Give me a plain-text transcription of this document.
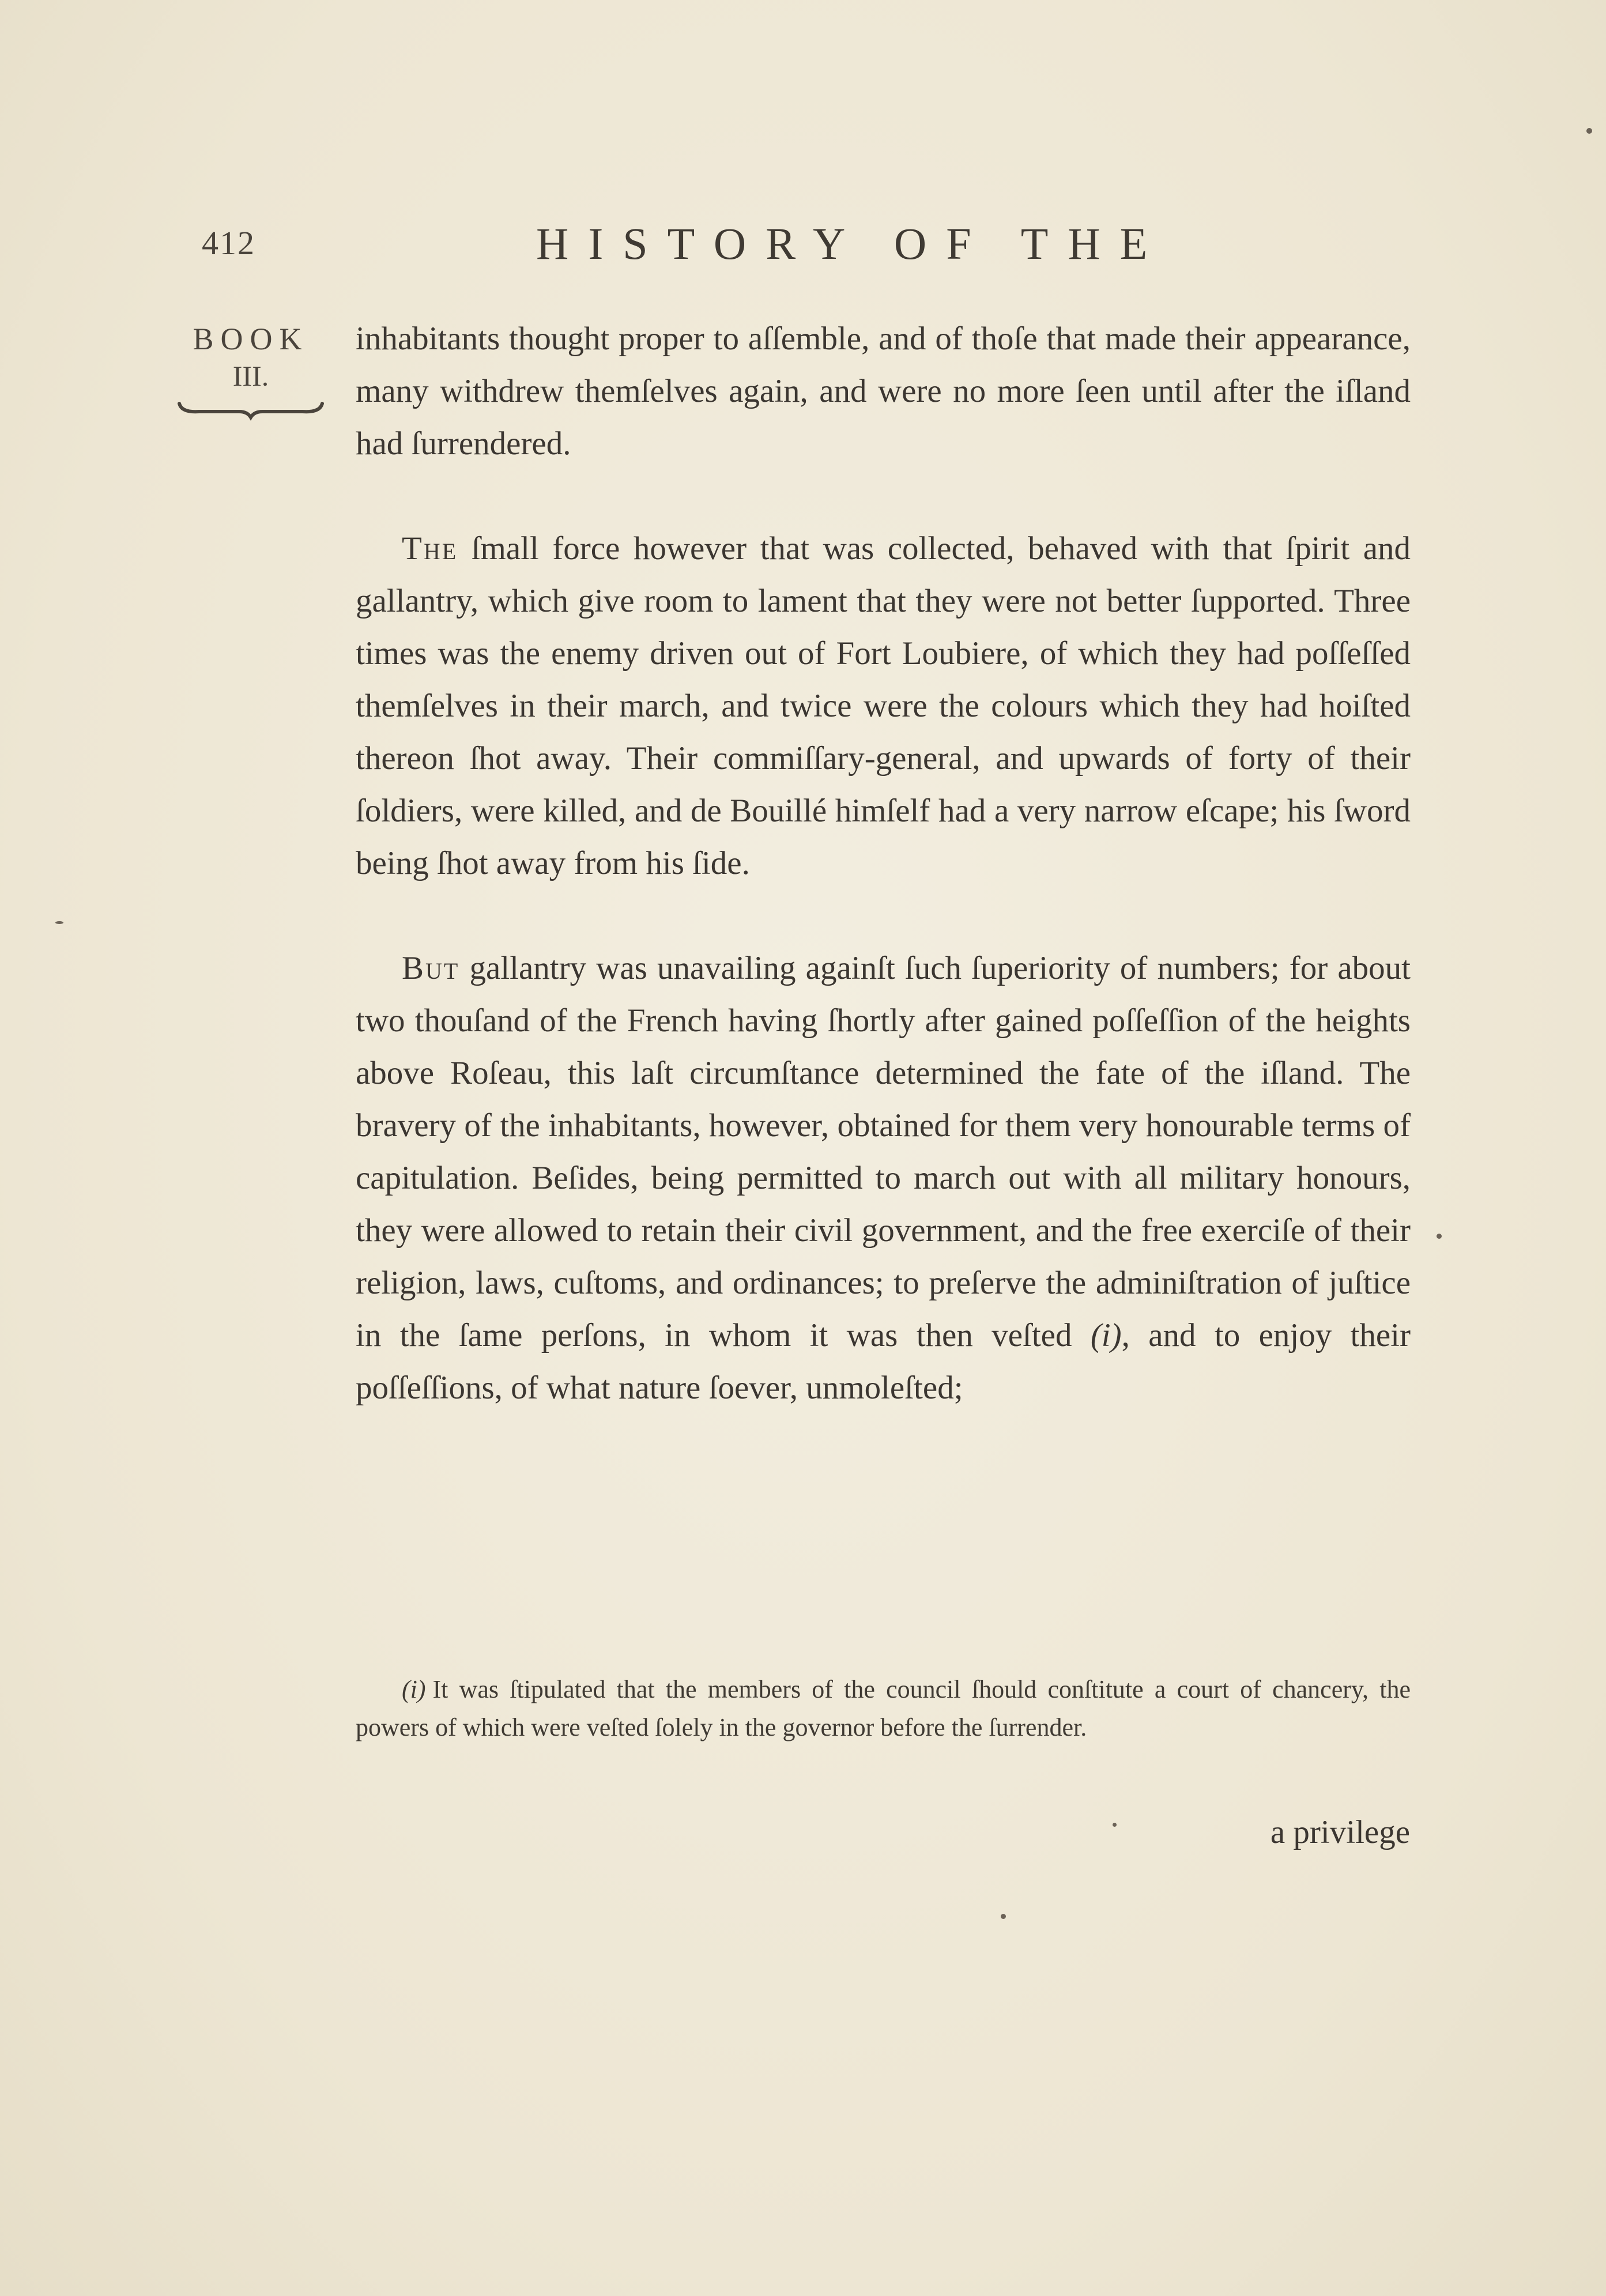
412	HISTORY OF THE
BOOK
III.

inhabitants thought proper to aſſemble, and of thoſe that made their appearance, many withdrew themſelves again, and were no more ſeen until after the iſland had ſurrendered.

The ſmall force however that was collected, behaved with that ſpirit and gallantry, which give room to lament that they were not better ſupported. Three times was the enemy driven out of Fort Loubiere, of which they had poſſeſſed themſelves in their march, and twice were the colours which they had hoiſted thereon ſhot away. Their commiſſary-general, and upwards of forty of their ſoldiers, were killed, and de Bouillé himſelf had a very narrow eſcape; his ſword being ſhot away from his ſide.

But gallantry was unavailing againſt ſuch ſuperiority of numbers; for about two thouſand of the French having ſhortly after gained poſſeſſion of the heights above Roſeau, this laſt circumſtance determined the fate of the iſland. The bravery of the inhabitants, however, obtained for them very honourable terms of capitulation. Beſides, being permitted to march out with all military honours, they were allowed to retain their civil government, and the free exerciſe of their religion, laws, cuſtoms, and ordinances; to preſerve the adminiſtration of juſtice in the ſame perſons, in whom it was then veſted (i), and to enjoy their poſſeſſions, of what nature ſoever, unmoleſted;

(i) It was ſtipulated that the members of the council ſhould conſtitute a court of chancery, the powers of which were veſted ſolely in the governor before the ſurrender.
a privilege
